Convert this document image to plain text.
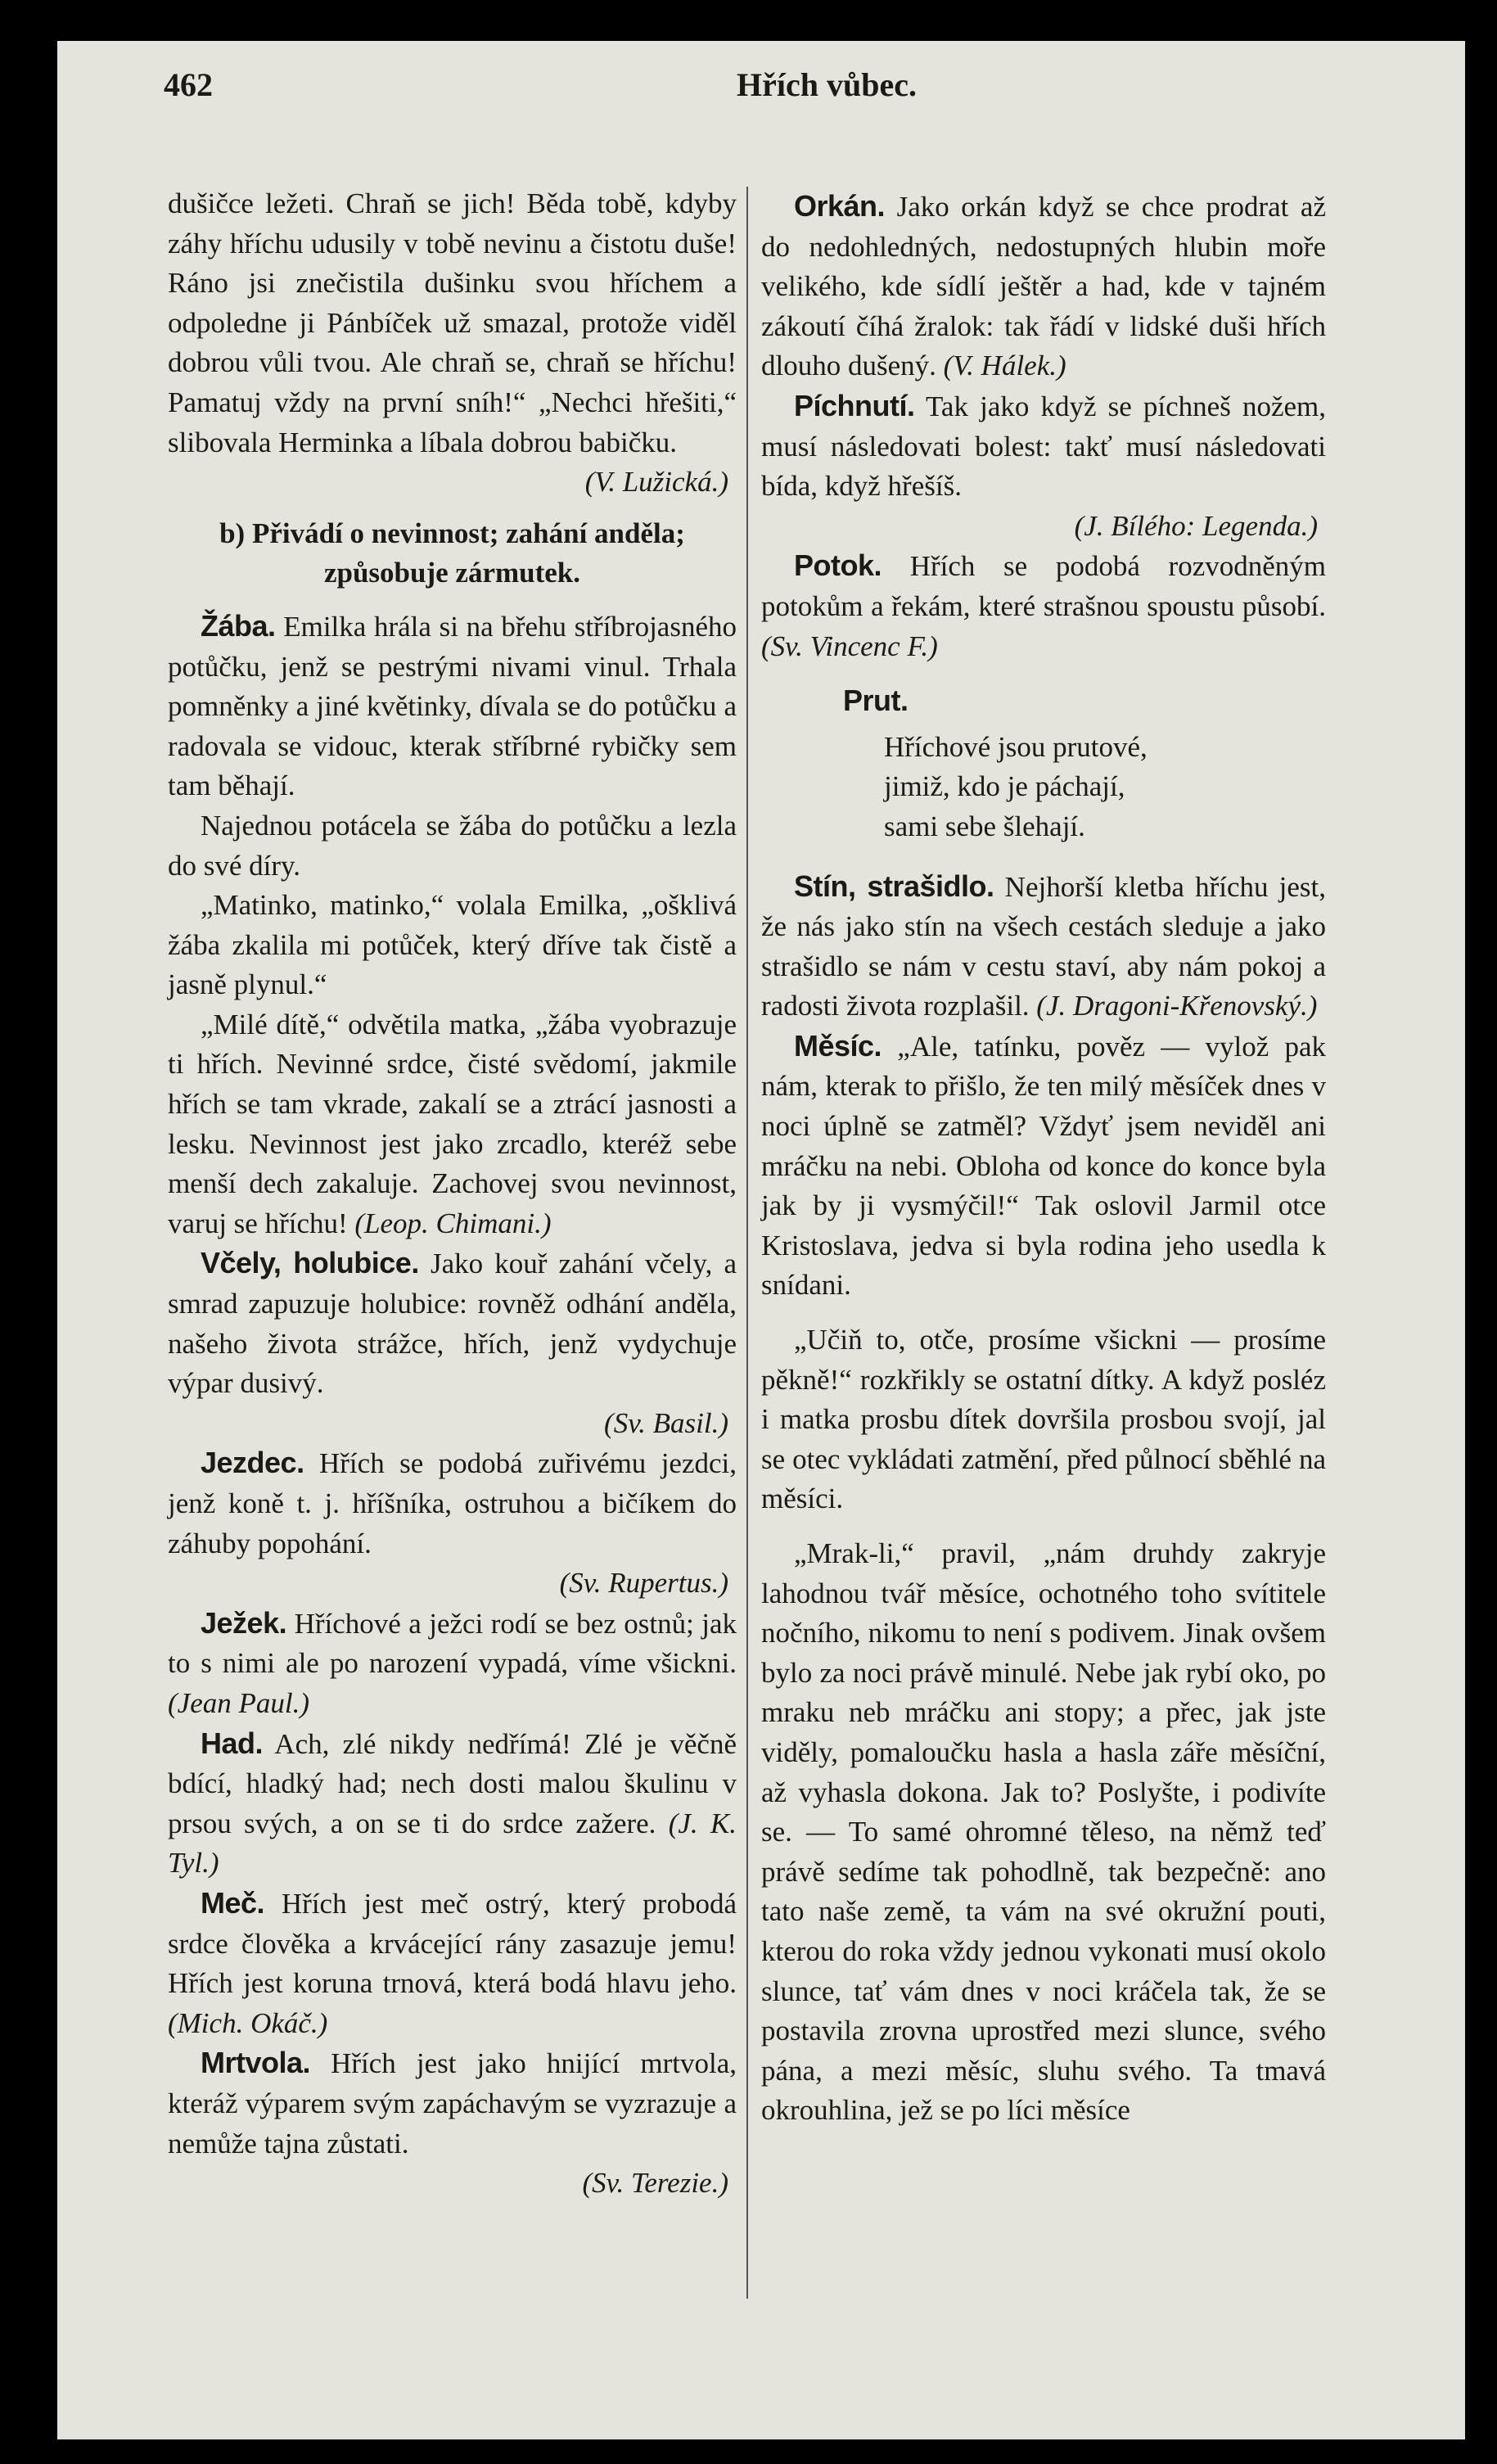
462	Hřích vůbec.

dušičce ležeti. Chraň se jich! Běda tobě, kdyby záhy hříchu udusily v tobě nevinu a čistotu duše! Ráno jsi znečistila dušinku svou hříchem a odpoledne ji Pánbíček už smazal, protože viděl dobrou vůli tvou. Ale chraň se, chraň se hříchu! Pamatuj vždy na první sníh!“ „Nechci hřešiti,“ slibovala Herminka a líbala dobrou babičku.

(V. Lužická.)
b) Přivádí o nevinnost; zahání anděla; způsobuje zármutek.

Žába. Emilka hrála si na břehu stříbrojasného potůčku, jenž se pestrými nivami vinul. Trhala pomněnky a jiné květinky, dívala se do potůčku a radovala se vidouc, kterak stříbrné rybičky sem tam běhají.

Najednou potácela se žába do potůčku a lezla do své díry.

„Matinko, matinko,“ volala Emilka, „ošklivá žába zkalila mi potůček, který dříve tak čistě a jasně plynul.“

„Milé dítě,“ odvětila matka, „žába vyobrazuje ti hřích. Nevinné srdce, čisté svědomí, jakmile hřích se tam vkrade, zakalí se a ztrácí jasnosti a lesku. Nevinnost jest jako zrcadlo, kteréž sebe menší dech zakaluje. Zachovej svou nevinnost, varuj se hříchu! (Leop. Chimani.)

Včely, holubice. Jako kouř zahání včely, a smrad zapuzuje holubice: rovněž odhání anděla, našeho života strážce, hřích, jenž vydychuje výpar dusivý.

(Sv. Basil.)

Jezdec. Hřích se podobá zuřivému jezdci, jenž koně t. j. hříšníka, ostruhou a bičíkem do záhuby popohání.

(Sv. Rupertus.)

Ježek. Hříchové a ježci rodí se bez ostnů; jak to s nimi ale po narození vypadá, víme všickni. (Jean Paul.)

Had. Ach, zlé nikdy nedřímá! Zlé je věčně bdící, hladký had; nech dosti malou škulinu v prsou svých, a on se ti do srdce zažere. (J. K. Tyl.)

Meč. Hřích jest meč ostrý, který probodá srdce člověka a krvácející rány zasazuje jemu! Hřích jest koruna trnová, která bodá hlavu jeho. (Mich. Okáč.)

Mrtvola. Hřích jest jako hnijící mrtvola, kteráž výparem svým zapáchavým se vyzrazuje a nemůže tajna zůstati.

(Sv. Terezie.)

Orkán. Jako orkán když se chce prodrat až do nedohledných, nedostupných hlubin moře velikého, kde sídlí ještěr a had, kde v tajném zákoutí číhá žralok: tak řádí v lidské duši hřích dlouho dušený. (V. Hálek.)

Píchnutí. Tak jako když se píchneš nožem, musí následovati bolest: takť musí následovati bída, když hřešíš.

(J. Bílého: Legenda.)

Potok. Hřích se podobá rozvodněným potokům a řekám, které strašnou spoustu působí. (Sv. Vincenc F.)

Prut.
Hříchové jsou prutové,
jimiž, kdo je páchají,
sami sebe šlehají.

Stín, strašidlo. Nejhorší kletba hříchu jest, že nás jako stín na všech cestách sleduje a jako strašidlo se nám v cestu staví, aby nám pokoj a radosti života rozplašil. (J. Dragoni-Křenovský.)

Měsíc. „Ale, tatínku, pověz — vylož pak nám, kterak to přišlo, že ten milý měsíček dnes v noci úplně se zatměl? Vždyť jsem neviděl ani mráčku na nebi. Obloha od konce do konce byla jak by ji vysmýčil!“ Tak oslovil Jarmil otce Kristoslava, jedva si byla rodina jeho usedla k snídani.

„Učiň to, otče, prosíme všickni — prosíme pěkně!“ rozkřikly se ostatní dítky. A když posléz i matka prosbu dítek dovršila prosbou svojí, jal se otec vykládati zatmění, před půlnocí sběhlé na měsíci.

„Mrak-li,“ pravil, „nám druhdy zakryje lahodnou tvář měsíce, ochotného toho svítitele nočního, nikomu to není s podivem. Jinak ovšem bylo za noci právě minulé. Nebe jak rybí oko, po mraku neb mráčku ani stopy; a přec, jak jste viděly, pomaloučku hasla a hasla záře měsíční, až vyhasla dokona. Jak to? Poslyšte, i podivíte se. — To samé ohromné těleso, na němž teď právě sedíme tak pohodlně, tak bezpečně: ano tato naše země, ta vám na své okružní pouti, kterou do roka vždy jednou vykonati musí okolo slunce, tať vám dnes v noci kráčela tak, že se postavila zrovna uprostřed mezi slunce, svého pána, a mezi měsíc, sluhu svého. Ta tmavá okrouhlina, jež se po líci měsíce
